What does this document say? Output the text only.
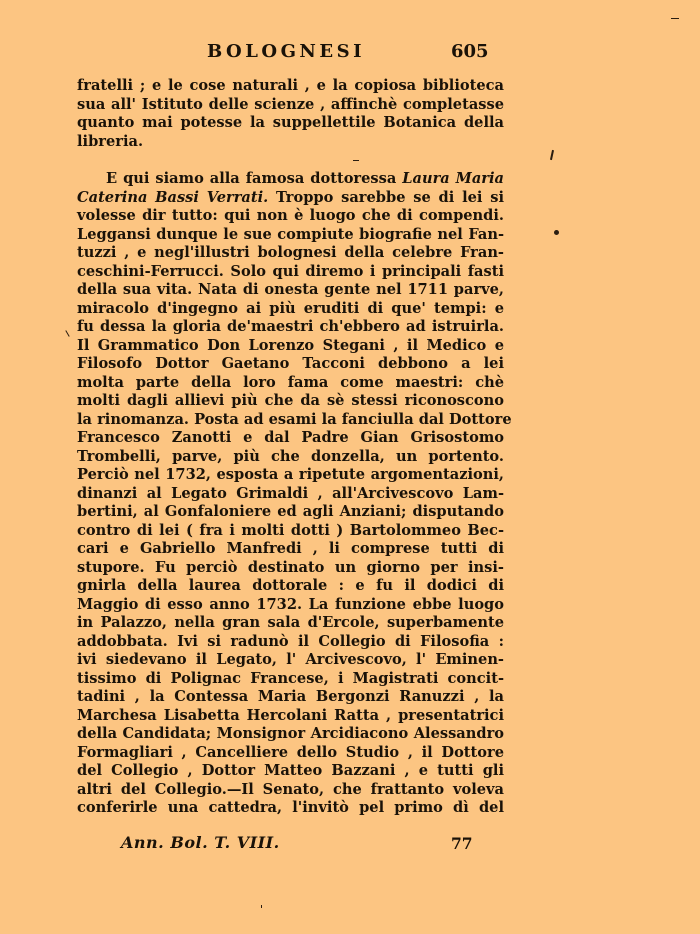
BOLOGNESI	605
fratelli ; e le cose naturali , e la copiosa biblioteca
sua all' Istituto delle scienze , affinchè completasse
quanto mai potesse la suppellettile Botanica della
libreria.
E qui siamo alla famosa dottoressa Laura Maria
Caterina Bassi Verrati. Troppo sarebbe se di lei si
volesse dir tutto: qui non è luogo che di compendi.
Leggansi dunque le sue compiute biografie nel Fan-
tuzzi , e negl'illustri bolognesi della celebre Fran-
ceschini-Ferrucci. Solo qui diremo i principali fasti
della sua vita. Nata di onesta gente nel 1711 parve,
miracolo d'ingegno ai più eruditi di que' tempi: e
fu dessa la gloria de'maestri ch'ebbero ad istruirla.
Il Grammatico Don Lorenzo Stegani , il Medico e
Filosofo Dottor Gaetano Tacconi debbono a lei
molta parte della loro fama come maestri: chè
molti dagli allievi più che da sè stessi riconoscono
la rinomanza. Posta ad esami la fanciulla dal Dottore
Francesco Zanotti e dal Padre Gian Grisostomo
Trombelli, parve, più che donzella, un portento.
Perciò nel 1732, esposta a ripetute argomentazioni,
dinanzi al Legato Grimaldi , all'Arcivescovo Lam-
bertini, al Gonfaloniere ed agli Anziani; disputando
contro di lei ( fra i molti dotti ) Bartolommeo Bec-
cari e Gabriello Manfredi , li comprese tutti di
stupore. Fu perciò destinato un giorno per insi-
gnirla della laurea dottorale : e fu il dodici di
Maggio di esso anno 1732. La funzione ebbe luogo
in Palazzo, nella gran sala d'Ercole, superbamente
addobbata. Ivi si radunò il Collegio di Filosofia :
ivi siedevano il Legato, l' Arcivescovo, l' Eminen-
tissimo di Polignac Francese, i Magistrati concit-
tadini , la Contessa Maria Bergonzi Ranuzzi , la
Marchesa Lisabetta Hercolani Ratta , presentatrici
della Candidata; Monsignor Arcidiacono Alessandro
Formagliari , Cancelliere dello Studio , il Dottore
del Collegio , Dottor Matteo Bazzani , e tutti gli
altri del Collegio.—Il Senato, che frattanto voleva
conferirle una cattedra, l'invitò pel primo dì del
Ann. Bol. T. VIII.	77
